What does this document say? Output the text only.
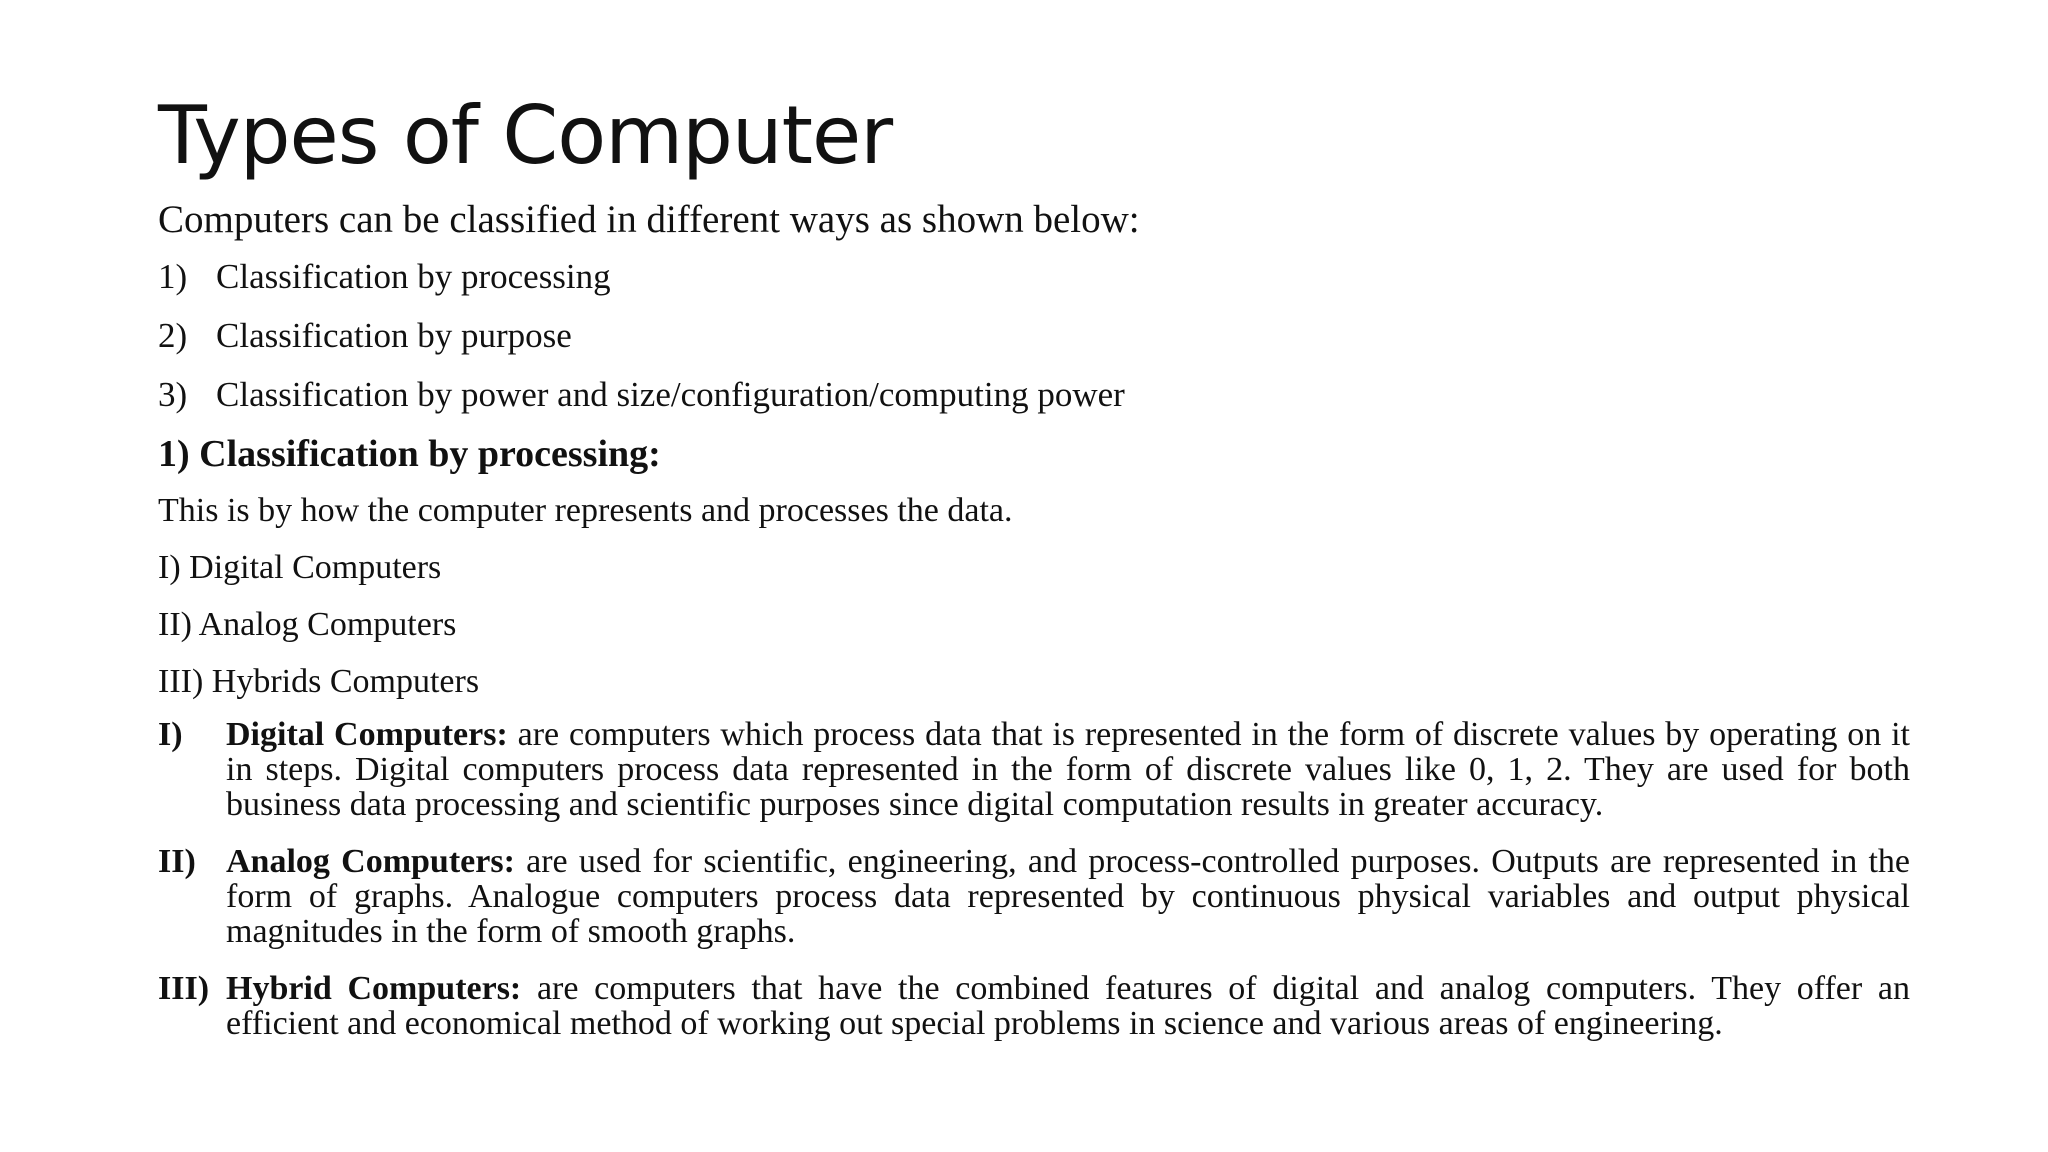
Types of Computer

Computers can be classified in different ways as shown below:

1) Classification by processing
2) Classification by purpose
3) Classification by power and size/configuration/computing power

1) Classification by processing:

This is by how the computer represents and processes the data.

I) Digital Computers

II) Analog Computers

III) Hybrids Computers

I)	Digital Computers: are computers which process data that is represented in the form of discrete values by operating on it in steps. Digital computers process data represented in the form of discrete values like 0, 1, 2. They are used for both business data processing and scientific purposes since digital computation results in greater accuracy.
II) Analog Computers: are used for scientific, engineering, and process-controlled purposes. Outputs are represented in the form of graphs. Analogue computers process data represented by continuous physical variables and output physical magnitudes in the form of smooth graphs.
III) Hybrid Computers: are computers that have the combined features of digital and analog computers. They offer an efficient and economical method of working out special problems in science and various areas of engineering.
